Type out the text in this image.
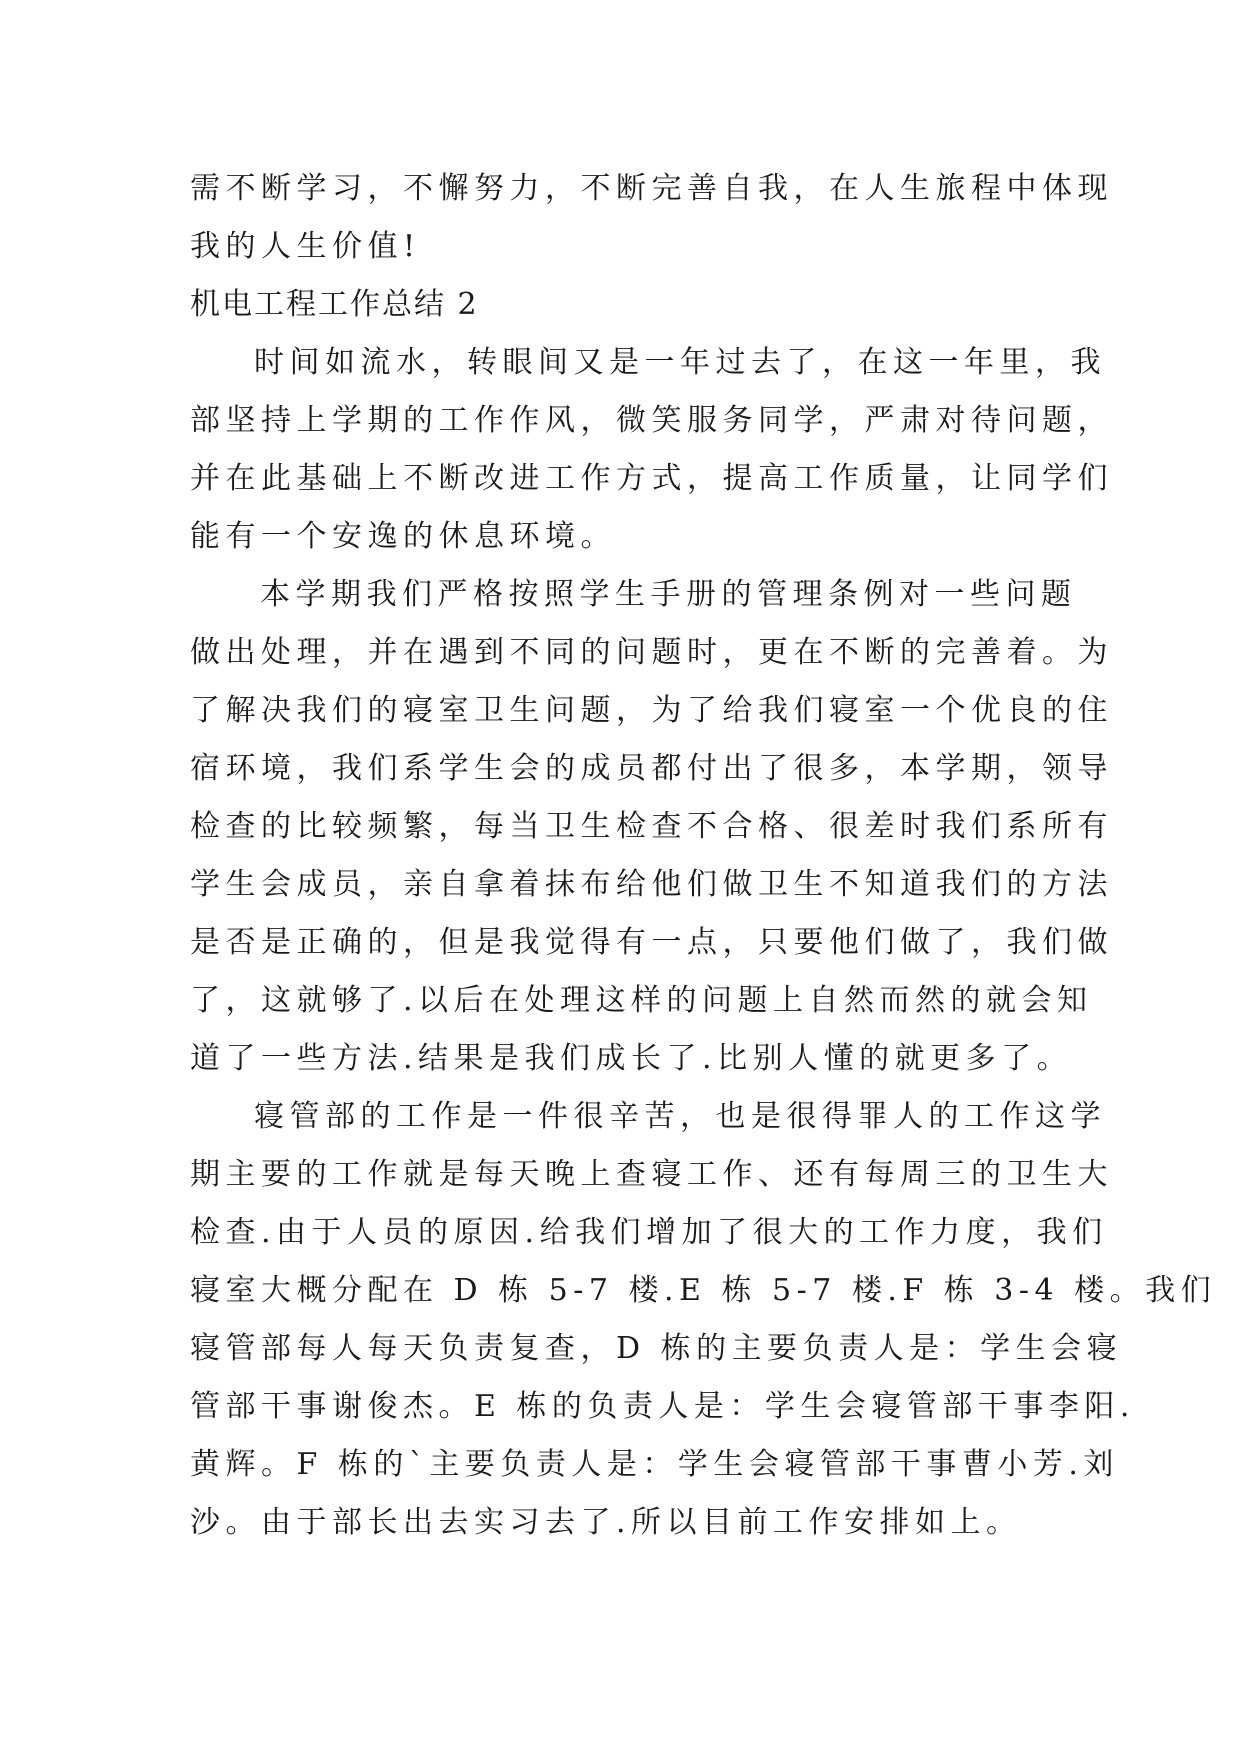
需不断学习，不懈努力，不断完善自我，在人生旅程中体现
我的人生价值!
机电工程工作总结 2
时间如流水，转眼间又是一年过去了，在这一年里，我
部坚持上学期的工作作风，微笑服务同学，严肃对待问题，
并在此基础上不断改进工作方式，提高工作质量，让同学们
能有一个安逸的休息环境。
本学期我们严格按照学生手册的管理条例对一些问题
做出处理，并在遇到不同的问题时，更在不断的完善着。为
了解决我们的寝室卫生问题，为了给我们寝室一个优良的住
宿环境，我们系学生会的成员都付出了很多，本学期，领导
检查的比较频繁，每当卫生检查不合格、很差时我们系所有
学生会成员，亲自拿着抹布给他们做卫生不知道我们的方法
是否是正确的，但是我觉得有一点，只要他们做了，我们做
了，这就够了.以后在处理这样的问题上自然而然的就会知
道了一些方法.结果是我们成长了.比别人懂的就更多了。
寝管部的工作是一件很辛苦，也是很得罪人的工作这学
期主要的工作就是每天晚上查寝工作、还有每周三的卫生大
检查.由于人员的原因.给我们增加了很大的工作力度，我们
寝室大概分配在 D 栋 5-7 楼.E 栋 5-7 楼.F 栋 3-4 楼。我们
寝管部每人每天负责复查，D 栋的主要负责人是：学生会寝
管部干事谢俊杰。E 栋的负责人是：学生会寝管部干事李阳.
黄辉。F 栋的`主要负责人是：学生会寝管部干事曹小芳.刘
沙。由于部长出去实习去了.所以目前工作安排如上。
